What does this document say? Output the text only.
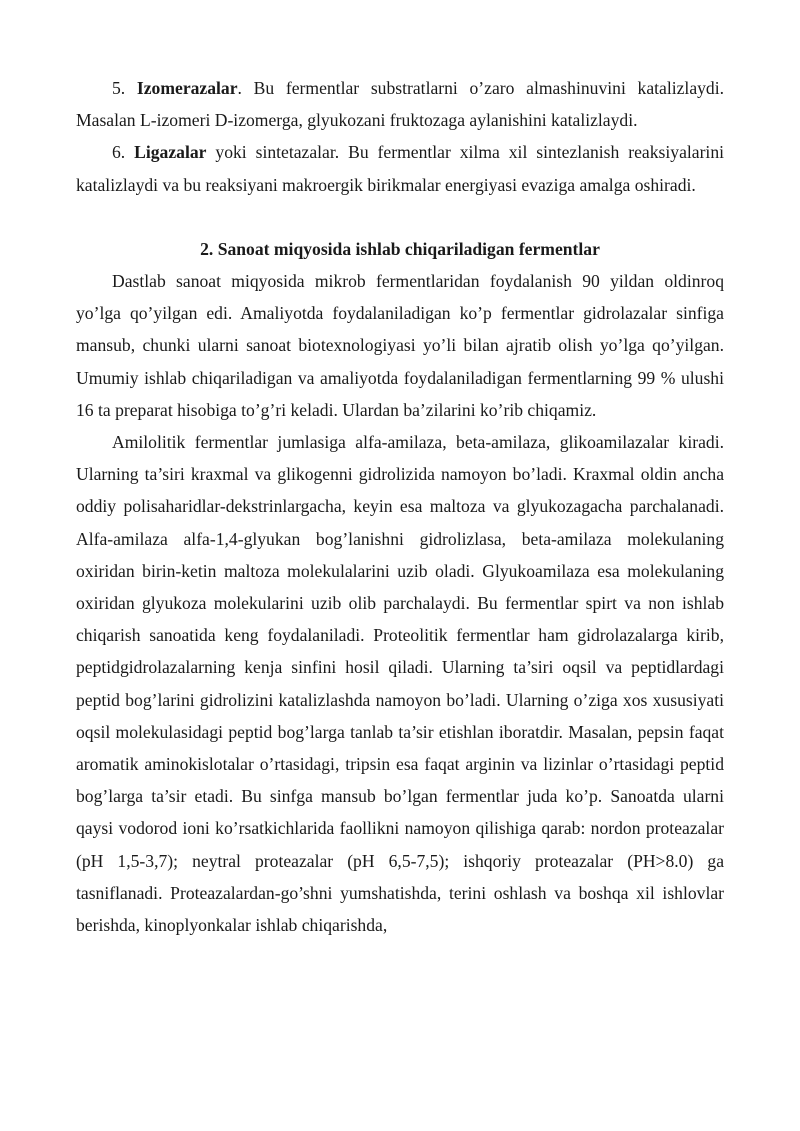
5. Izomerazalar. Bu fermentlar substratlarni o’zaro almashinuvini katalizlaydi. Masalan L-izomeri D-izomerga, glyukozani fruktozaga aylanishini katalizlaydi.

6. Ligazalar yoki sintetazalar. Bu fermentlar xilma xil sintezlanish reaksiyalarini katalizlaydi va bu reaksiyani makroergik birikmalar energiyasi evaziga amalga oshiradi.

2. Sanoat miqyosida ishlab chiqariladigan fermentlar

Dastlab sanoat miqyosida mikrob fermentlaridan foydalanish 90 yildan oldinroq yo’lga qo’yilgan edi. Amaliyotda foydalaniladigan ko’p fermentlar gidrolazalar sinfiga mansub, chunki ularni sanoat biotexnologiyasi yo’li bilan ajratib olish yo’lga qo’yilgan. Umumiy ishlab chiqariladigan va amaliyotda foydalaniladigan fermentlarning 99 % ulushi 16 ta preparat hisobiga to’g’ri keladi. Ulardan ba’zilarini ko’rib chiqamiz.

Amilolitik fermentlar jumlasiga alfa-amilaza, beta-amilaza, glikoamilazalar kiradi. Ularning ta’siri kraxmal va glikogenni gidrolizida namoyon bo’ladi. Kraxmal oldin ancha oddiy polisaharidlar-dekstrinlargacha, keyin esa maltoza va glyukozagacha parchalanadi. Alfa-amilaza alfa-1,4-glyukan bog’lanishni gidrolizlasa, beta-amilaza molekulaning oxiridan birin-ketin maltoza molekulalarini uzib oladi. Glyukoamilaza esa molekulaning oxiridan glyukoza molekularini uzib olib parchalaydi. Bu fermentlar spirt va non ishlab chiqarish sanoatida keng foydalaniladi. Proteolitik fermentlar ham gidrolazalarga kirib, peptidgidrolazalarning kenja sinfini hosil qiladi. Ularning ta’siri oqsil va peptidlardagi peptid bog’larini gidrolizini katalizlashda namoyon bo’ladi. Ularning o’ziga xos xususiyati oqsil molekulasidagi peptid bog’larga tanlab ta’sir etishlan iboratdir. Masalan, pepsin faqat aromatik aminokislotalar o’rtasidagi, tripsin esa faqat arginin va lizinlar o’rtasidagi peptid bog’larga ta’sir etadi. Bu sinfga mansub bo’lgan fermentlar juda ko’p. Sanoatda ularni qaysi vodorod ioni ko’rsatkichlarida faollikni namoyon qilishiga qarab: nordon proteazalar (pH 1,5-3,7); neytral proteazalar (pH 6,5-7,5); ishqoriy proteazalar (PH>8.0) ga tasniflanadi. Proteazalardan-go’shni yumshatishda, terini oshlash va boshqa xil ishlovlar berishda, kinoplyonkalar ishlab chiqarishda,
